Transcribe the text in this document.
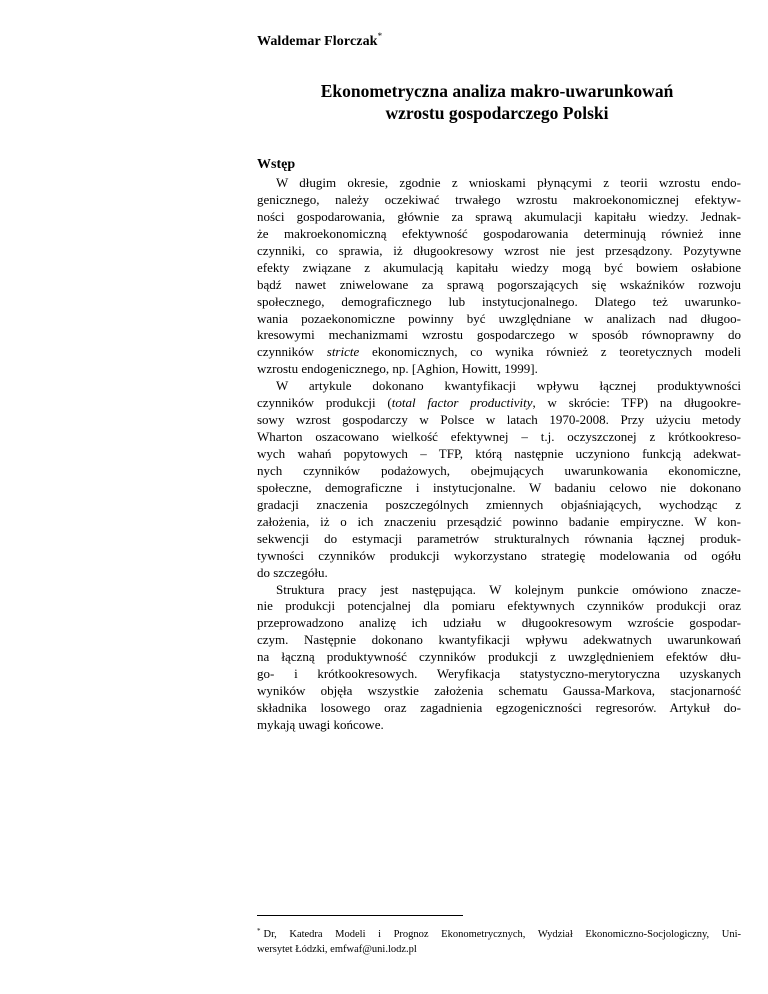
Waldemar Florczak*
Ekonometryczna analiza makro-uwarunkowań
wzrostu gospodarczego Polski
Wstęp
W długim okresie, zgodnie z wnioskami płynącymi z teorii wzrostu endo-
genicznego, należy oczekiwać trwałego wzrostu makroekonomicznej efektyw-
ności gospodarowania, głównie za sprawą akumulacji kapitału wiedzy. Jednak-
że makroekonomiczną efektywność gospodarowania determinują również inne
czynniki, co sprawia, iż długookresowy wzrost nie jest przesądzony. Pozytywne
efekty związane z akumulacją kapitału wiedzy mogą być bowiem osłabione
bądź nawet zniwelowane za sprawą pogorszających się wskaźników rozwoju
społecznego, demograficznego lub instytucjonalnego. Dlatego też uwarunko-
wania pozaekonomiczne powinny być uwzględniane w analizach nad długoo-
kresowymi mechanizmami wzrostu gospodarczego w sposób równoprawny do
czynników stricte ekonomicznych, co wynika również z teoretycznych modeli
wzrostu endogenicznego, np. [Aghion, Howitt, 1999].
W artykule dokonano kwantyfikacji wpływu łącznej produktywności
czynników produkcji (total factor productivity, w skrócie: TFP) na długookre-
sowy wzrost gospodarczy w Polsce w latach 1970-2008. Przy użyciu metody
Wharton oszacowano wielkość efektywnej – t.j. oczyszczonej z krótkookreso-
wych wahań popytowych – TFP, którą następnie uczyniono funkcją adekwat-
nych czynników podażowych, obejmujących uwarunkowania ekonomiczne,
społeczne, demograficzne i instytucjonalne. W badaniu celowo nie dokonano
gradacji znaczenia poszczególnych zmiennych objaśniających, wychodząc z
założenia, iż o ich znaczeniu przesądzić powinno badanie empiryczne. W kon-
sekwencji do estymacji parametrów strukturalnych równania łącznej produk-
tywności czynników produkcji wykorzystano strategię modelowania od ogółu
do szczegółu.
Struktura pracy jest następująca. W kolejnym punkcie omówiono znacze-
nie produkcji potencjalnej dla pomiaru efektywnych czynników produkcji oraz
przeprowadzono analizę ich udziału w długookresowym wzroście gospodar-
czym. Następnie dokonano kwantyfikacji wpływu adekwatnych uwarunkowań
na łączną produktywność czynników produkcji z uwzględnieniem efektów dłu-
go- i krótkookresowych. Weryfikacja statystyczno-merytoryczna uzyskanych
wyników objęła wszystkie założenia schematu Gaussa-Markova, stacjonarność
składnika losowego oraz zagadnienia egzogeniczności regresorów. Artykuł do-
mykają uwagi końcowe.
* Dr, Katedra Modeli i Prognoz Ekonometrycznych, Wydział Ekonomiczno-Socjologiczny, Uni-
wersytet Łódzki, emfwaf@uni.lodz.pl
